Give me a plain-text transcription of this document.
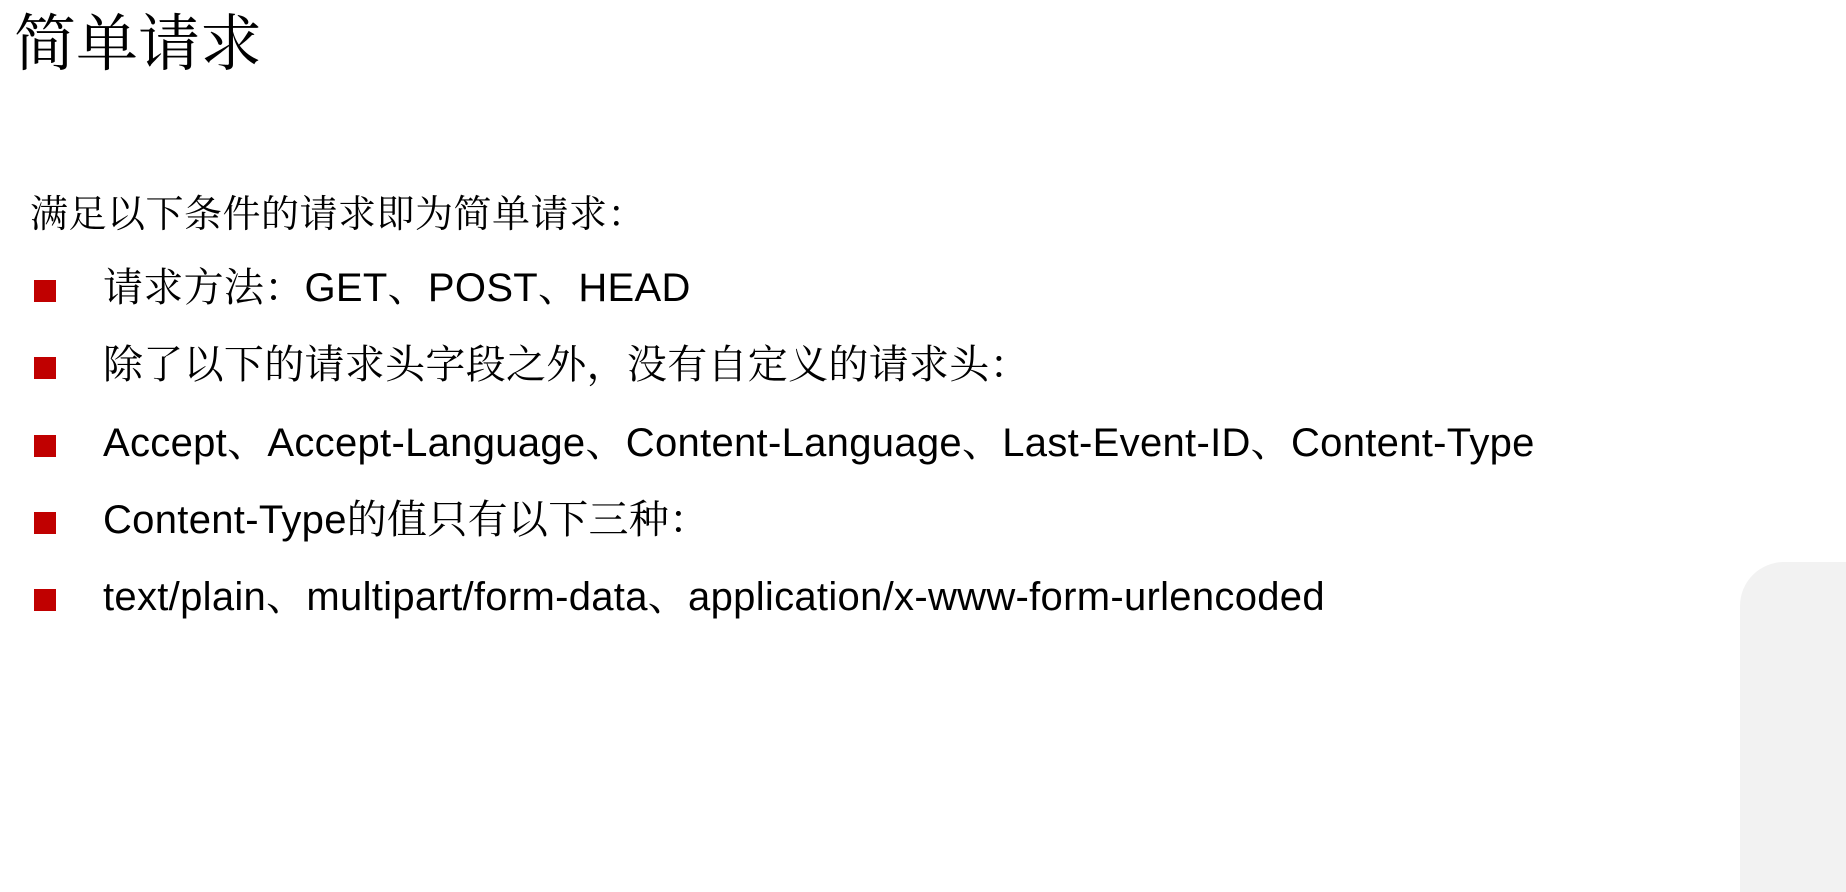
简单请求

满足以下条件的请求即为简单请求：

请求方法：GET、POST、HEAD
除了以下的请求头字段之外，没有自定义的请求头：
Accept、Accept-Language、Content-Language、Last-Event-ID、Content-Type
Content-Type的值只有以下三种：
text/plain、multipart/form-data、application/x-www-form-urlencoded
